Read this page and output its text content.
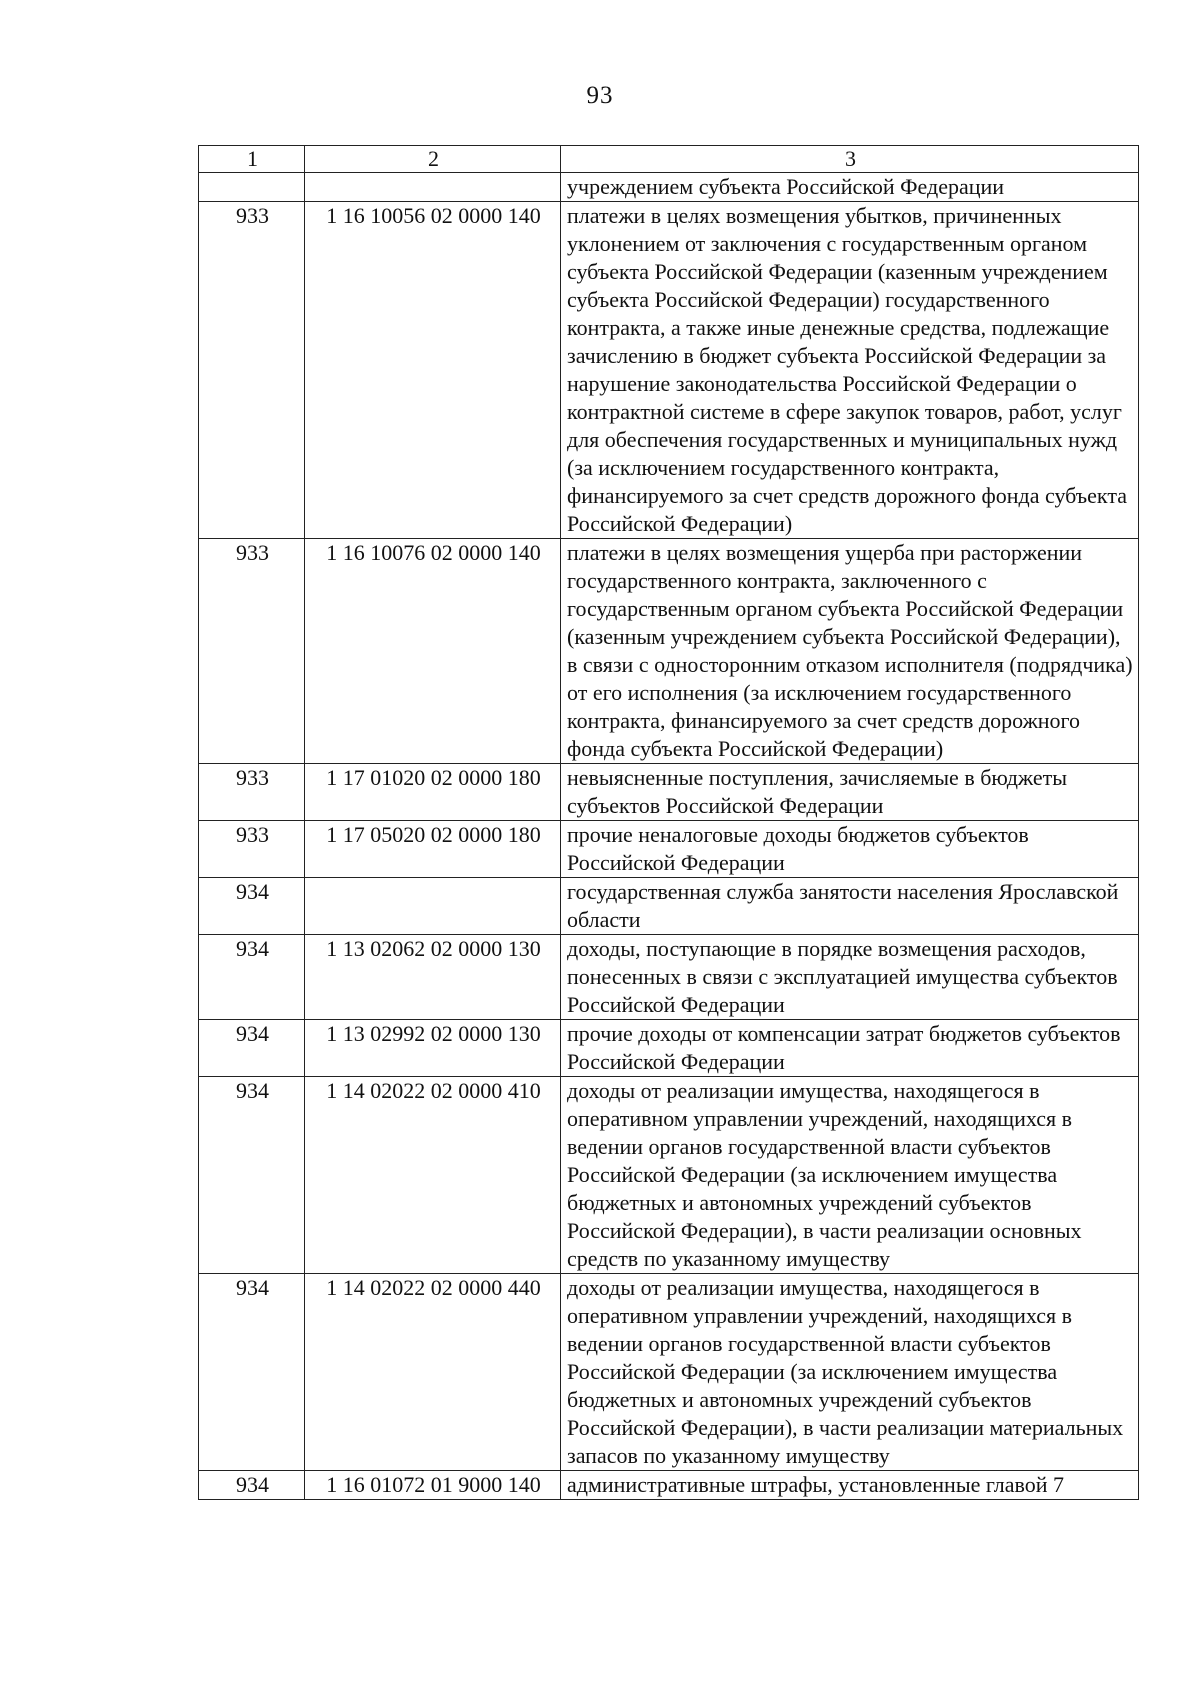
93
1	2	3
		учреждением субъекта Российской Федерации
933	1 16 10056 02 0000 140	платежи в целях возмещения убытков, причиненных уклонением от заключения с государственным органом субъекта Российской Федерации (казенным учреждением субъекта Российской Федерации) государственного контракта, а также иные денежные средства, подлежащие зачислению в бюджет субъекта Российской Федерации за нарушение законодательства Российской Федерации о контрактной системе в сфере закупок товаров, работ, услуг для обеспечения государственных и муниципальных нужд (за исключением государственного контракта, финансируемого за счет средств дорожного фонда субъекта Российской Федерации)
933	1 16 10076 02 0000 140	платежи в целях возмещения ущерба при расторжении государственного контракта, заключенного с государственным органом субъекта Российской Федерации (казенным учреждением субъекта Российской Федерации), в связи с односторонним отказом исполнителя (подрядчика) от его исполнения (за исключением государственного контракта, финансируемого за счет средств дорожного фонда субъекта Российской Федерации)
933	1 17 01020 02 0000 180	невыясненные поступления, зачисляемые в бюджеты субъектов Российской Федерации
933	1 17 05020 02 0000 180	прочие неналоговые доходы бюджетов субъектов Российской Федерации
934		государственная служба занятости населения Ярославской области
934	1 13 02062 02 0000 130	доходы, поступающие в порядке возмещения расходов, понесенных в связи с эксплуатацией имущества субъектов Российской Федерации
934	1 13 02992 02 0000 130	прочие доходы от компенсации затрат бюджетов субъектов Российской Федерации
934	1 14 02022 02 0000 410	доходы от реализации имущества, находящегося в оперативном управлении учреждений, находящихся в ведении органов государственной власти субъектов Российской Федерации (за исключением имущества бюджетных и автономных учреждений субъектов Российской Федерации), в части реализации основных средств по указанному имуществу
934	1 14 02022 02 0000 440	доходы от реализации имущества, находящегося в оперативном управлении учреждений, находящихся в ведении органов государственной власти субъектов Российской Федерации (за исключением имущества бюджетных и автономных учреждений субъектов Российской Федерации), в части реализации материальных запасов по указанному имуществу
934	1 16 01072 01 9000 140	административные штрафы, установленные главой 7
